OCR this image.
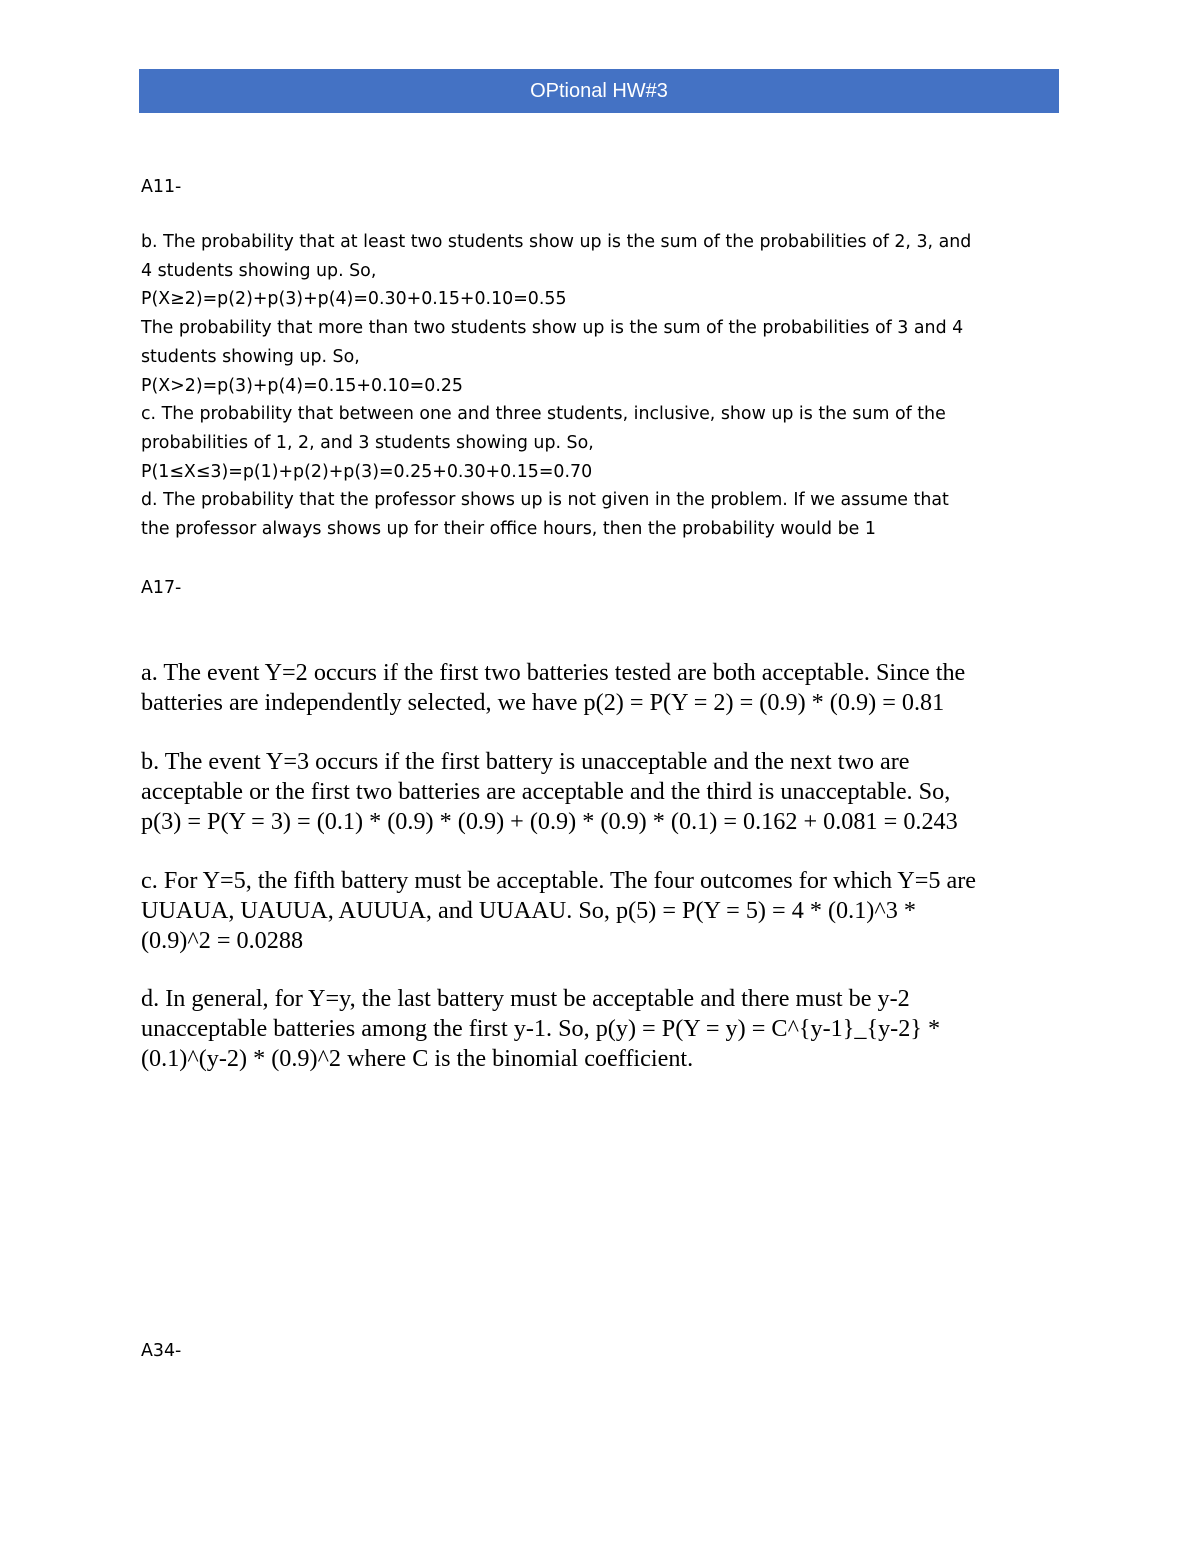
OPtional HW#3
A11-
b. The probability that at least two students show up is the sum of the probabilities of 2, 3, and
4 students showing up. So,
P(X≥2)=p(2)+p(3)+p(4)=0.30+0.15+0.10=0.55
The probability that more than two students show up is the sum of the probabilities of 3 and 4
students showing up. So,
P(X>2)=p(3)+p(4)=0.15+0.10=0.25
c. The probability that between one and three students, inclusive, show up is the sum of the
probabilities of 1, 2, and 3 students showing up. So,
P(1≤X≤3)=p(1)+p(2)+p(3)=0.25+0.30+0.15=0.70
d. The probability that the professor shows up is not given in the problem. If we assume that
the professor always shows up for their office hours, then the probability would be 1
A17-
a. The event Y=2 occurs if the first two batteries tested are both acceptable. Since the
batteries are independently selected, we have p(2) = P(Y = 2) = (0.9) * (0.9) = 0.81
b. The event Y=3 occurs if the first battery is unacceptable and the next two are
acceptable or the first two batteries are acceptable and the third is unacceptable. So,
p(3) = P(Y = 3) = (0.1) * (0.9) * (0.9) + (0.9) * (0.9) * (0.1) = 0.162 + 0.081 = 0.243
c. For Y=5, the fifth battery must be acceptable. The four outcomes for which Y=5 are
UUAUA, UAUUA, AUUUA, and UUAAU. So, p(5) = P(Y = 5) = 4 * (0.1)^3 *
(0.9)^2 = 0.0288
d. In general, for Y=y, the last battery must be acceptable and there must be y-2
unacceptable batteries among the first y-1. So, p(y) = P(Y = y) = C^{y-1}_{y-2} *
(0.1)^(y-2) * (0.9)^2 where C is the binomial coefficient.
A34-
